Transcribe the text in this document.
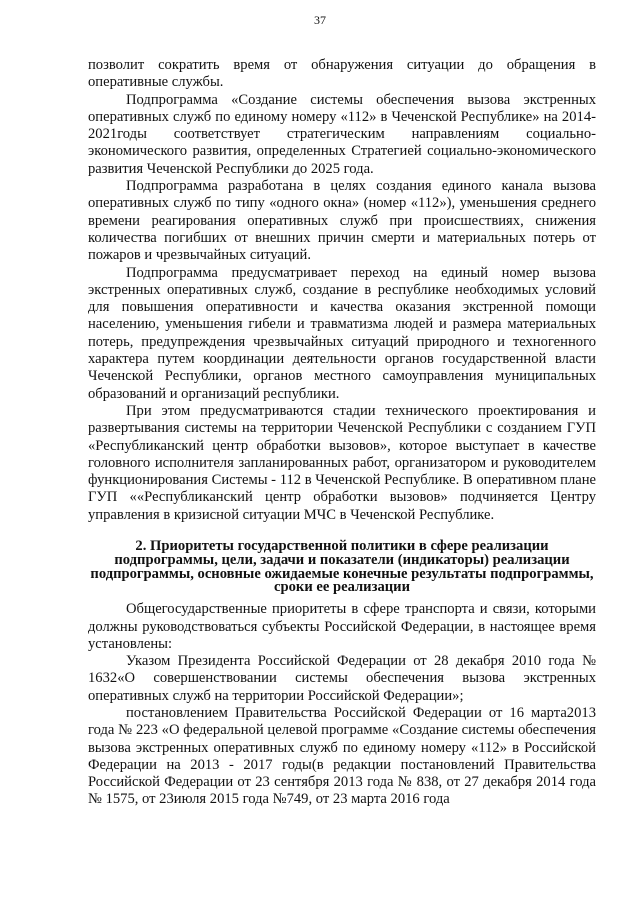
37

позволит сократить время от обнаружения ситуации до обращения в оперативные службы.

Подпрограмма «Создание системы обеспечения вызова экстренных оперативных служб по единому номеру «112» в Чеченской Республике» на 2014-2021годы соответствует стратегическим направлениям социально-экономического развития, определенных Стратегией социально-экономического развития Чеченской Республики до 2025 года.

Подпрограмма разработана в целях создания единого канала вызова оперативных служб по типу «одного окна» (номер «112»), уменьшения среднего времени реагирования оперативных служб при происшествиях, снижения количества погибших от внешних причин смерти и материальных потерь от пожаров и чрезвычайных ситуаций.

Подпрограмма предусматривает переход на единый номер вызова экстренных оперативных служб, создание в республике необходимых условий для повышения оперативности и качества оказания экстренной помощи населению, уменьшения гибели и травматизма людей и размера материальных потерь, предупреждения чрезвычайных ситуаций природного и техногенного характера путем координации деятельности органов государственной власти Чеченской Республики, органов местного самоуправления муниципальных образований и организаций республики.

При этом предусматриваются стадии технического проектирования и развертывания системы на территории Чеченской Республики с созданием ГУП «Республиканский центр обработки вызовов», которое выступает в качестве головного исполнителя запланированных работ, организатором и руководителем функционирования Системы - 112 в Чеченской Республике. В оперативном плане ГУП ««Республиканский центр обработки вызовов» подчиняется Центру управления в кризисной ситуации МЧС в Чеченской Республике.

2. Приоритеты государственной политики в сфере реализации подпрограммы, цели, задачи и показатели (индикаторы) реализации подпрограммы, основные ожидаемые конечные результаты подпрограммы, сроки ее реализации

Общегосударственные приоритеты в сфере транспорта и связи, которыми должны руководствоваться субъекты Российской Федерации, в настоящее время установлены:

Указом Президента Российской Федерации от 28 декабря 2010 года № 1632«О совершенствовании системы обеспечения вызова экстренных оперативных служб на территории Российской Федерации»;

постановлением Правительства Российской Федерации от 16 марта2013 года № 223 «О федеральной целевой программе «Создание системы обеспечения вызова экстренных оперативных служб по единому номеру «112» в Российской Федерации на 2013 - 2017 годы(в редакции постановлений Правительства Российской Федерации от 23 сентября 2013 года № 838, от 27 декабря 2014 года № 1575, от 23июля 2015 года №749, от 23 марта 2016 года
